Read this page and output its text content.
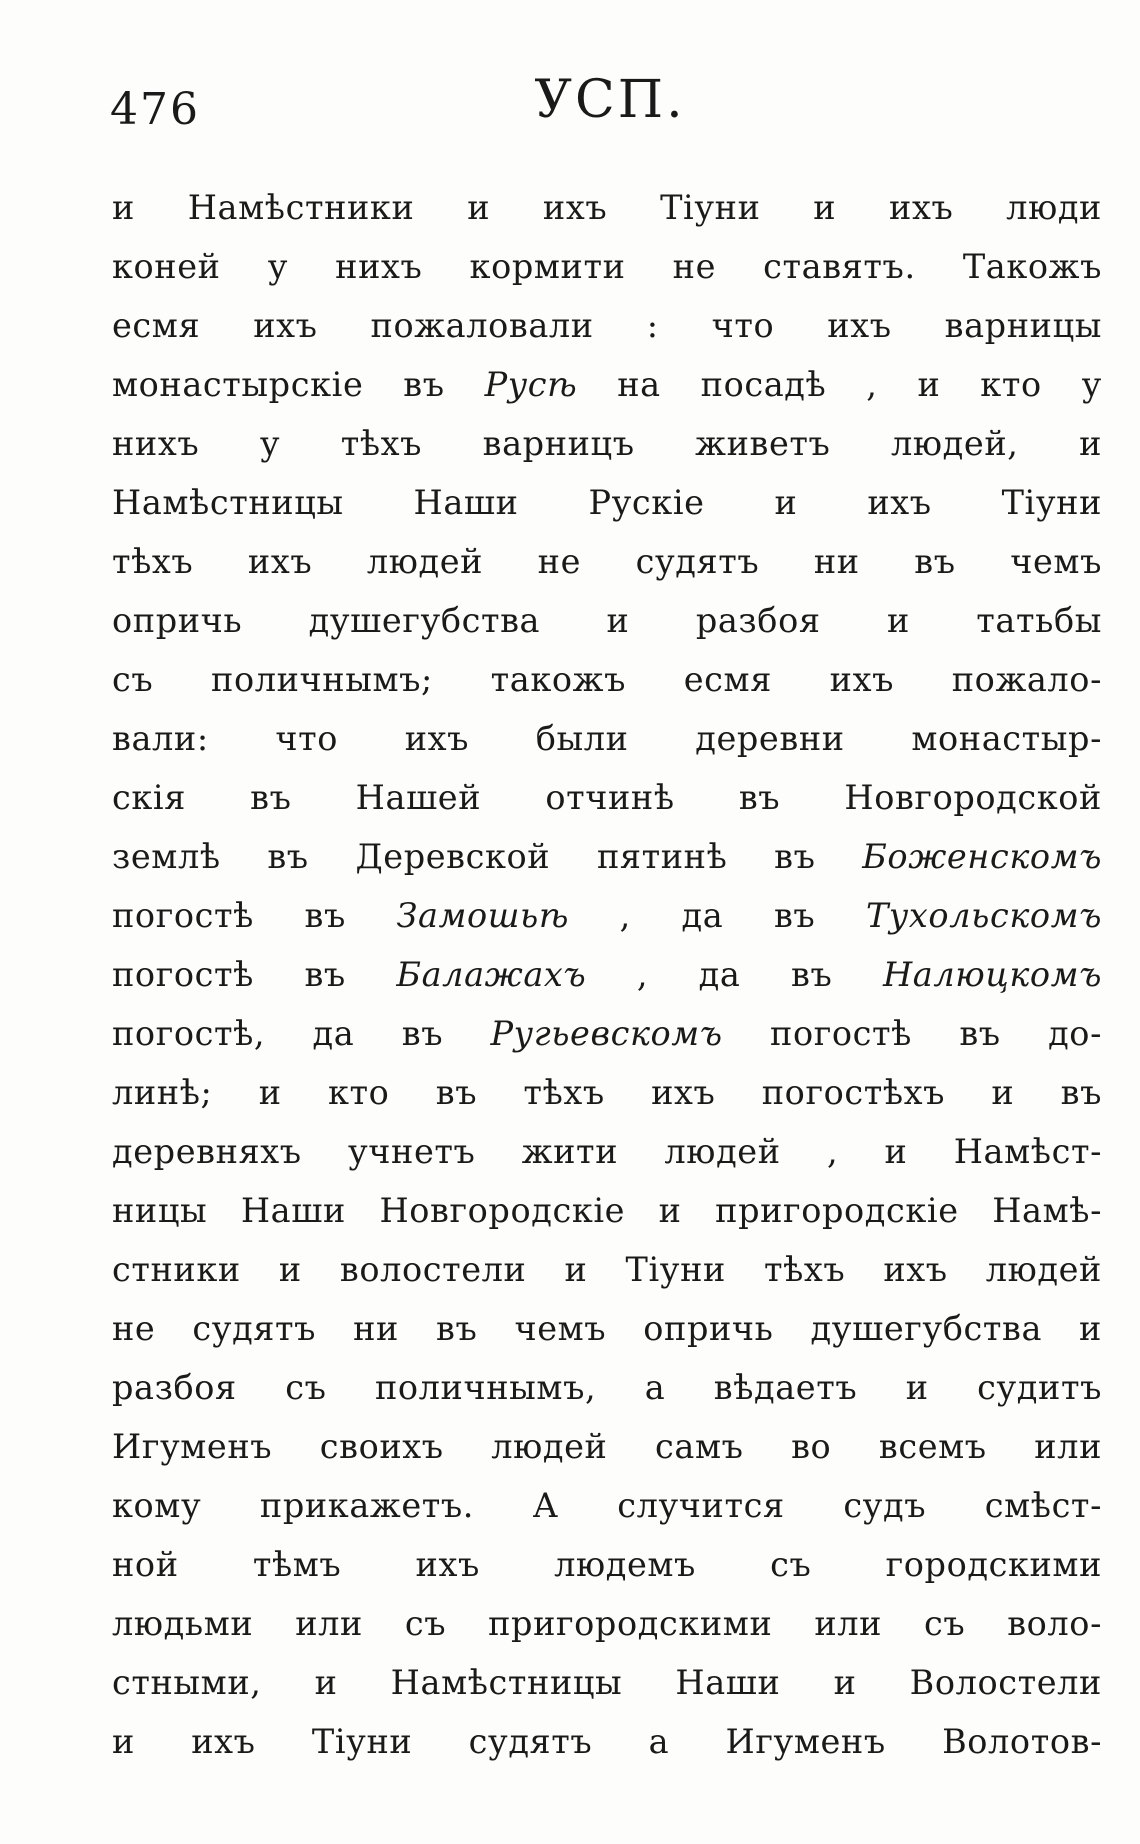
476	УСП.
и Намѣстники и ихъ Тіуни и ихъ люди
коней у нихъ кормити не ставятъ. Такожъ
есмя ихъ пожаловали : что ихъ варницы
монастырскіе въ Русѣ на посадѣ , и кто у
нихъ у тѣхъ варницъ живетъ людей, и
Намѣстницы Наши Рускіе и ихъ Тіуни
тѣхъ ихъ людей не судятъ ни въ чемъ
опричь душегубства и разбоя и татьбы
съ поличнымъ; такожъ есмя ихъ пожало-
вали: что ихъ были деревни монастыр-
скія въ Нашей отчинѣ въ Новгородской
землѣ въ Деревской пятинѣ въ Боженскомъ
погостѣ въ Замошьѣ , да въ Тухольскомъ
погостѣ въ Балажахъ , да въ Налюцкомъ
погостѣ, да въ Ругьевскомъ погостѣ въ до-
линѣ; и кто въ тѣхъ ихъ погостѣхъ и въ
деревняхъ учнетъ жити людей , и Намѣст-
ницы Наши Новгородскіе и пригородскіе Намѣ-
стники и волостели и Тіуни тѣхъ ихъ людей
не судятъ ни въ чемъ опричь душегубства и
разбоя съ поличнымъ, а вѣдаетъ и судитъ
Игуменъ своихъ людей самъ во всемъ или
кому прикажетъ. А случится судъ смѣст-
ной тѣмъ ихъ людемъ съ городскими
людьми или съ пригородскими или съ воло-
стными, и Намѣстницы Наши и Волостели
и ихъ Тіуни судятъ а Игуменъ Волотов-
